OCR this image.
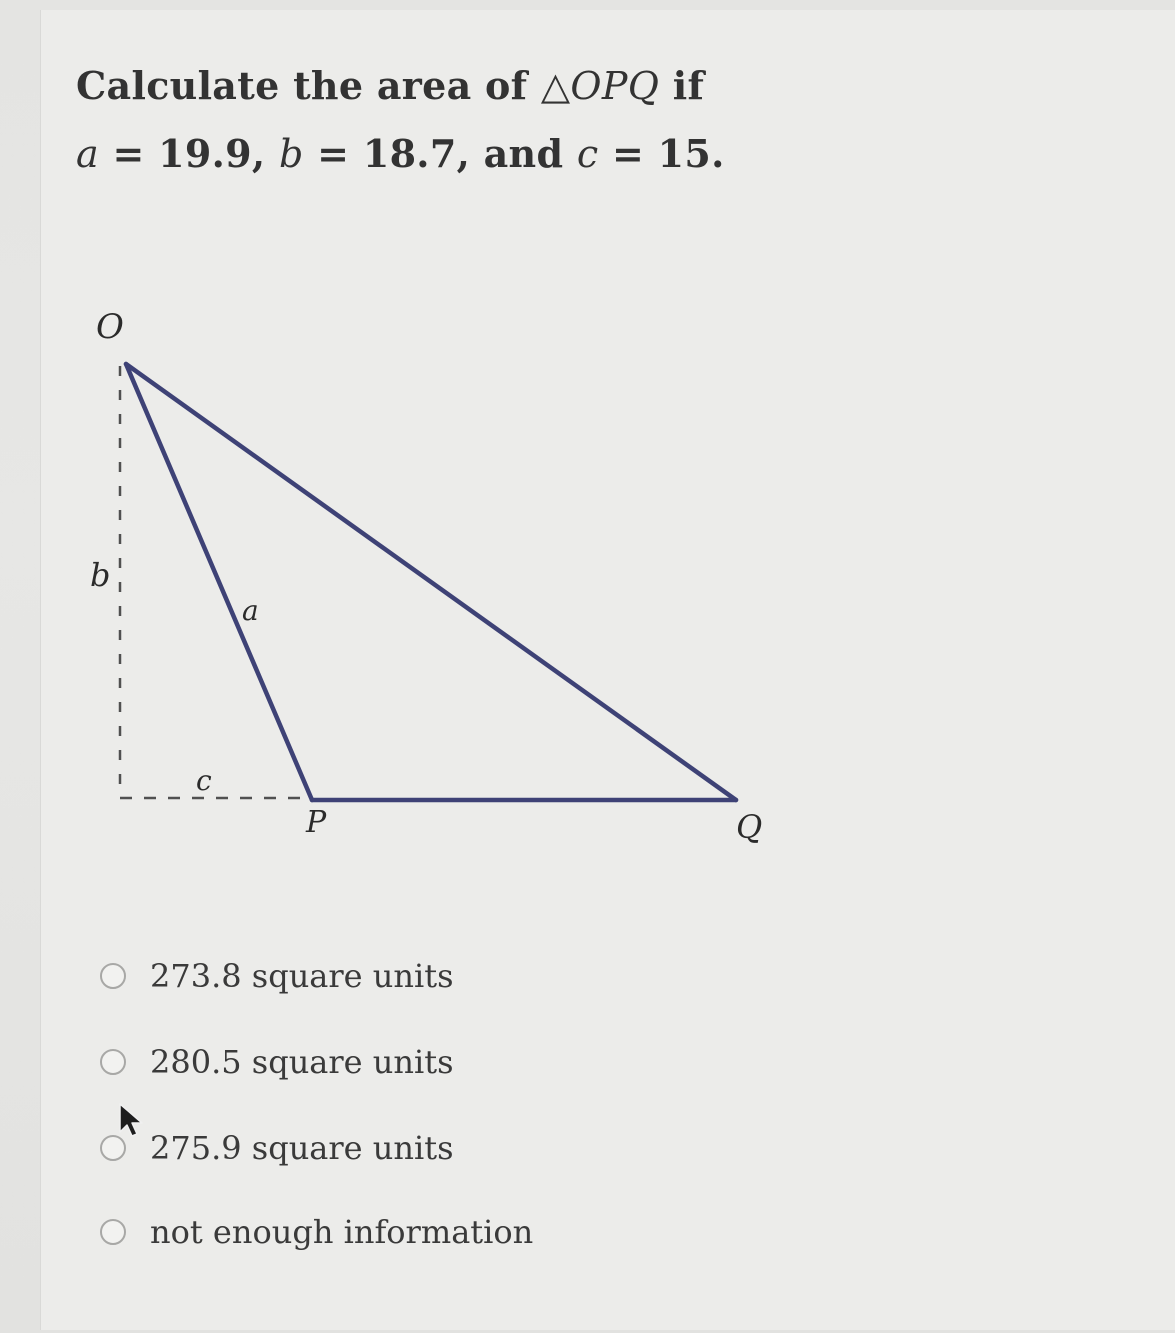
Calculate the area of △OPQ if
a = 19.9, b = 18.7, and c = 15.
O
P	Q
a
b
c
273.8 square units
280.5 square units
275.9 square units
not enough information
